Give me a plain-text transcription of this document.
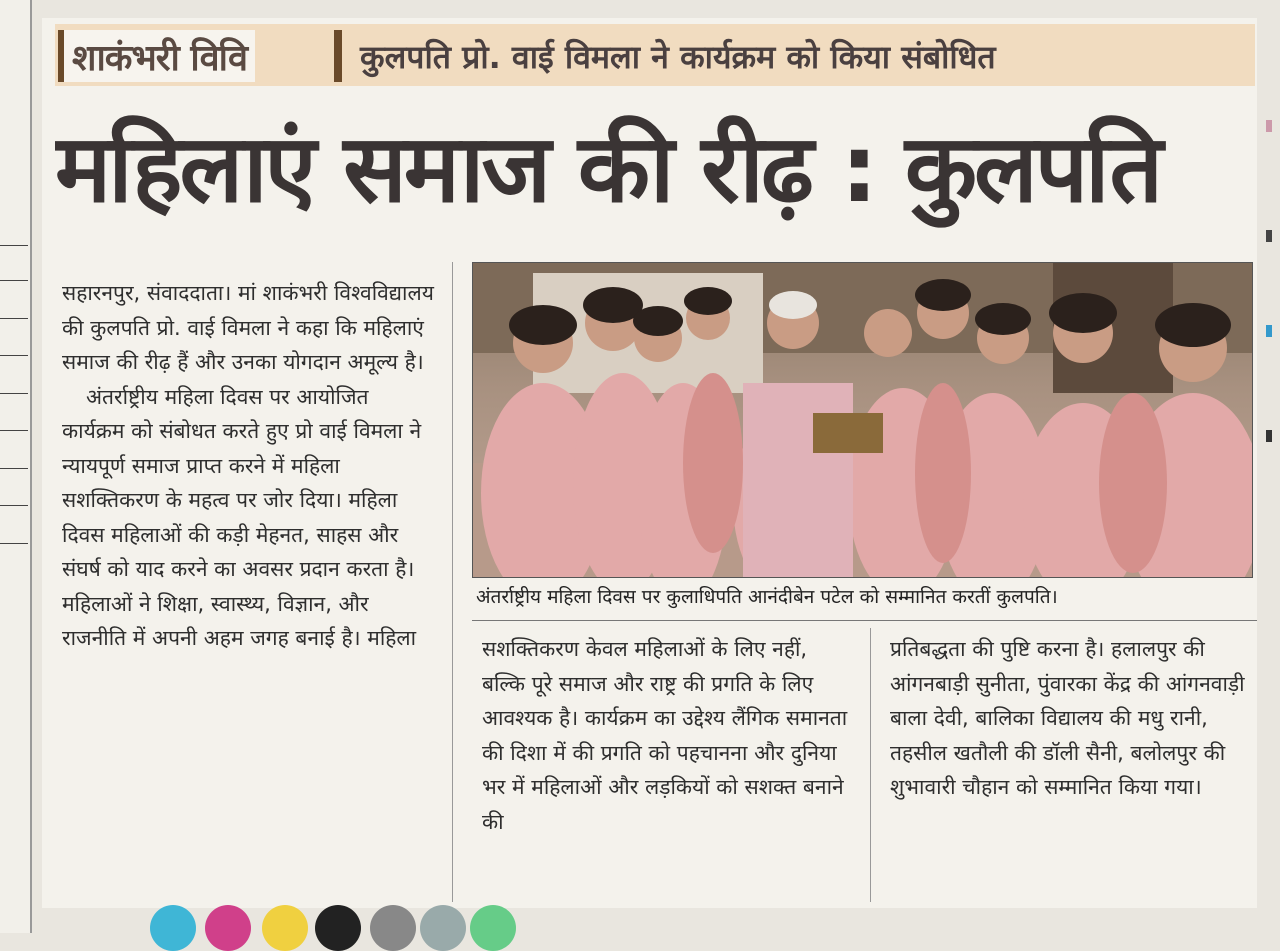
शाकंभरी विवि	कुलपति प्रो. वाई विमला ने कार्यक्रम को किया संबोधित
महिलाएं समाज की रीढ़ : कुलपति

सहारनपुर, संवाददाता। मां शाकंभरी विश्वविद्यालय की कुलपति प्रो. वाई विमला ने कहा कि महिलाएं समाज की रीढ़ हैं और उनका योगदान अमूल्य है।

अंतर्राष्ट्रीय महिला दिवस पर आयोजित कार्यक्रम को संबोधत करते हुए प्रो वाई विमला ने न्यायपूर्ण समाज प्राप्त करने में महिला सशक्तिकरण के महत्व पर जोर दिया। महिला दिवस महिलाओं की कड़ी मेहनत, साहस और संघर्ष को याद करने का अवसर प्रदान करता है। महिलाओं ने शिक्षा, स्वास्थ्य, विज्ञान, और राजनीति में अपनी अहम जगह बनाई है। महिला

अंतर्राष्ट्रीय महिला दिवस पर कुलाधिपति आनंदीबेन पटेल को सम्मानित करतीं कुलपति।

सशक्तिकरण केवल महिलाओं के लिए नहीं, बल्कि पूरे समाज और राष्ट्र की प्रगति के लिए आवश्यक है। कार्यक्रम का उद्देश्य लैंगिक समानता की दिशा में की प्रगति को पहचानना और दुनिया भर में महिलाओं और लड़कियों को सशक्त बनाने की

प्रतिबद्धता की पुष्टि करना है। हलालपुर की आंगनबाड़ी सुनीता, पुंवारका केंद्र की आंगनवाड़ी बाला देवी, बालिका विद्यालय की मधु रानी, तहसील खतौली की डॉली सैनी, बलोलपुर की शुभावारी चौहान को सम्मानित किया गया।
